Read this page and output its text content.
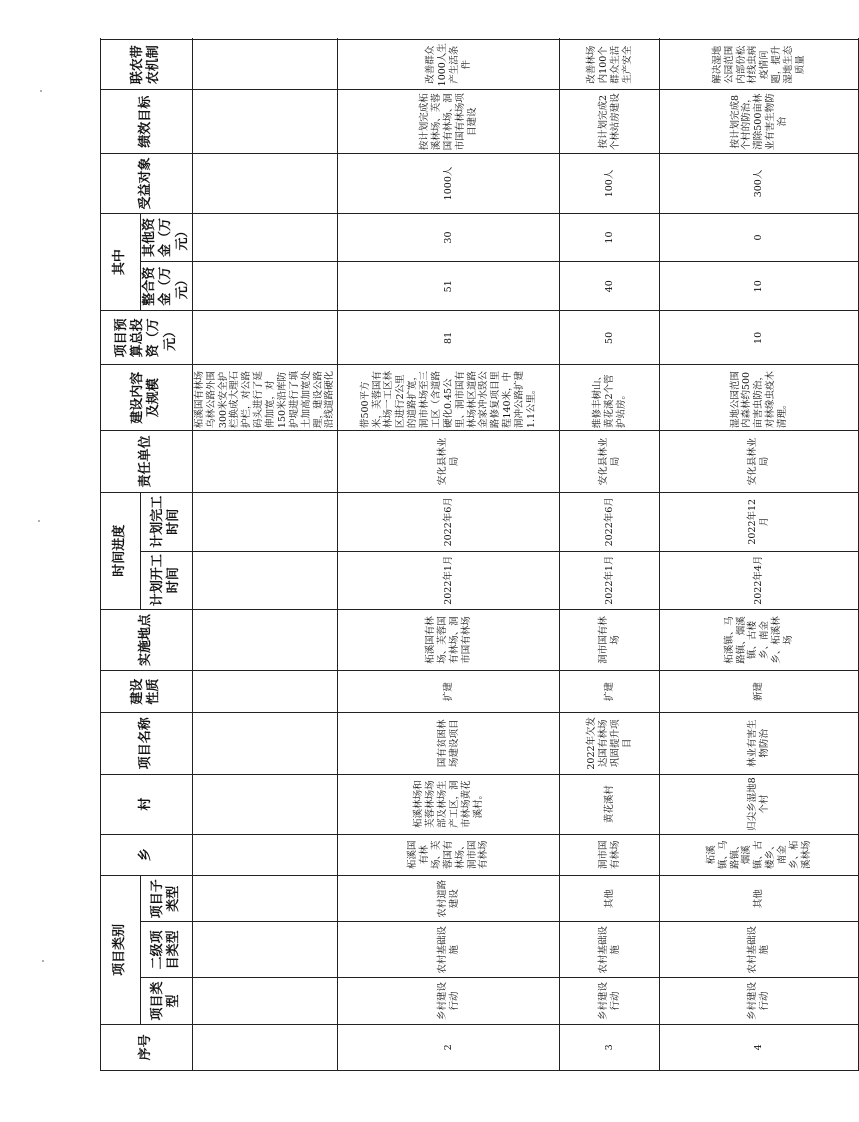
序号	项目类别			乡	村	项目名称	建设性质	实施地点	时间进度		责任单位	建设内容及规模	项目预算总投资（万元）	其中		受益对象	绩效目标	联农带农机制	
	项目类型	二级项目类型	项目子类型						计划开工时间	计划完工时间				整合资金（万元）	其他资金（万元）				
												柘溪国有林场乌林公路外围300米安全护栏换成大理石护栏，对公路码头进行了延伸加宽，对150米沿库防护堤进行了填土加高加宽处理，建设公路沿线道路硬化							
2	乡村建设行动	农村基础设施	农村道路建设	柘溪国有林场、芙蓉国有林场、洞市国有林场	柘溪林场和芙蓉林场场部及林场生产工区，洞市林场黄花溪村。	国有贫困林场建设项目	扩建	柘溪国有林场、芙蓉国有林场、洞市国有林场	2022年1月	2022年6月	安化县林业局	带500平方米，芙蓉国有林场一工区林区进行2公里的道路扩宽，洞市林场至三工区（含道路硬化0.45公里、洞市国有林场林区道路金家冲水毁公路修复项目里程140米，中洞冲公路扩建1.1公里。	81	51	30	1000人	按计划完成柘溪林场、芙蓉国有林场、洞市国有林场项目建设	改善群众1000人生产生活条件	
3	乡村建设行动	农村基础设施	其他	洞市国有林场	黄花溪村	2022年欠发达国有林场巩固提升项目	扩建	洞市国有林场	2022年1月	2022年6月	安化县林业局	维修丰树山、黄花溪2个管护站房。	50	40	10	100人	按计划完成2个林站房建设	改善林场内100个群众生活生产安全	
4	乡村建设行动	农村基础设施	其他	柘溪镇、马路镇、烟溪镇、古楼乡、南金乡、柘溪林场	归尖乡湿地8个村	林业有害生物防治	新建	柘溪镇、马路镇、烟溪镇、古楼乡、南金乡、柘溪林场	2022年4月	2022年12月	安化县林业局	湿地公园范围内森林约500亩害虫防治，对林缘虫疫木清理。	10	10	0	300人	按计划完成8个村的防治，清除500亩林业有害生物防治	解决湿地公园范围内部份松材线虫病疫情问题，提升湿地生态质量	
